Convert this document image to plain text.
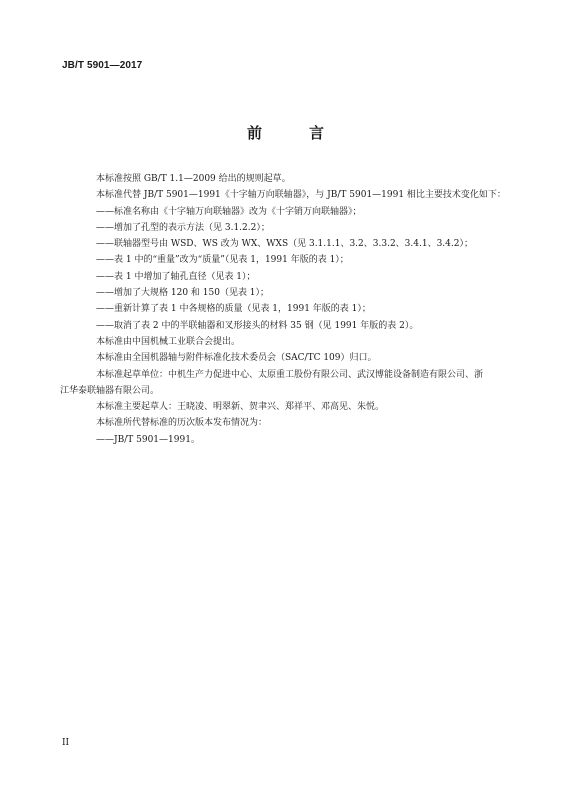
JB/T 5901—2017
前　言

本标准按照 GB/T 1.1—2009 给出的规则起草。

本标准代替 JB/T 5901—1991《十字轴万向联轴器》，与 JB/T 5901—1991 相比主要技术变化如下：

——标准名称由《十字轴万向联轴器》改为《十字销万向联轴器》；

——增加了孔型的表示方法（见 3.1.2.2）；

——联轴器型号由 WSD、WS 改为 WX、WXS（见 3.1.1.1、3.2、3.3.2、3.4.1、3.4.2）；

——表 1 中的“重量”改为“质量”（见表 1，1991 年版的表 1）；

——表 1 中增加了轴孔直径（见表 1）；

——增加了大规格 120 和 150（见表 1）；

——重新计算了表 1 中各规格的质量（见表 1，1991 年版的表 1）；

——取消了表 2 中的半联轴器和叉形接头的材料 35 钢（见 1991 年版的表 2）。

本标准由中国机械工业联合会提出。

本标准由全国机器轴与附件标准化技术委员会（SAC/TC 109）归口。

本标准起草单位：中机生产力促进中心、太原重工股份有限公司、武汉博能设备制造有限公司、浙
江华泰联轴器有限公司。

本标准主要起草人：王晓凌、明翠新、贺聿兴、郑祥平、邓高见、朱悦。

本标准所代替标准的历次版本发布情况为：

——JB/T 5901—1991。

II
